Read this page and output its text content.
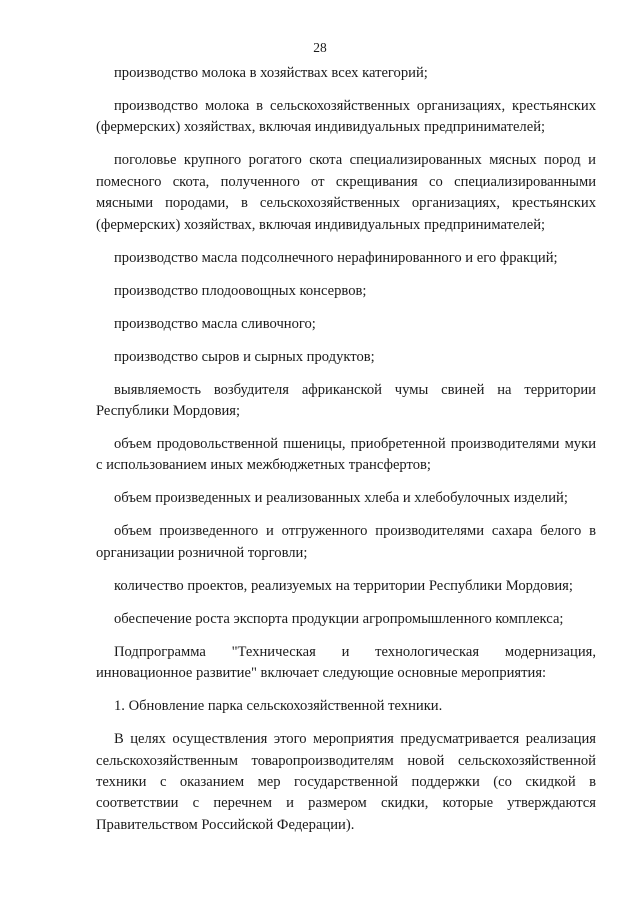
28

производство молока в хозяйствах всех категорий;

производство молока в сельскохозяйственных организациях, крестьянских (фермерских) хозяйствах, включая индивидуальных предпринимателей;

поголовье крупного рогатого скота специализированных мясных пород и помесного скота, полученного от скрещивания со специализированными мясными породами, в сельскохозяйственных организациях, крестьянских (фермерских) хозяйствах, включая индивидуальных предпринимателей;

производство масла подсолнечного нерафинированного и его фракций;

производство плодоовощных консервов;

производство масла сливочного;

производство сыров и сырных продуктов;

выявляемость возбудителя африканской чумы свиней на территории Республики Мордовия;

объем продовольственной пшеницы, приобретенной производителями муки с использованием иных межбюджетных трансфертов;

объем произведенных и реализованных хлеба и хлебобулочных изделий;

объем произведенного и отгруженного производителями сахара белого в организации розничной торговли;

количество проектов, реализуемых на территории Республики Мордовия;

обеспечение роста экспорта продукции агропромышленного комплекса;

Подпрограмма "Техническая и технологическая модернизация, инновационное развитие" включает следующие основные мероприятия:

1. Обновление парка сельскохозяйственной техники.

В целях осуществления этого мероприятия предусматривается реализация сельскохозяйственным товаропроизводителям новой сельскохозяйственной техники с оказанием мер государственной поддержки (со скидкой в соответствии с перечнем и размером скидки, которые утверждаются Правительством Российской Федерации).
